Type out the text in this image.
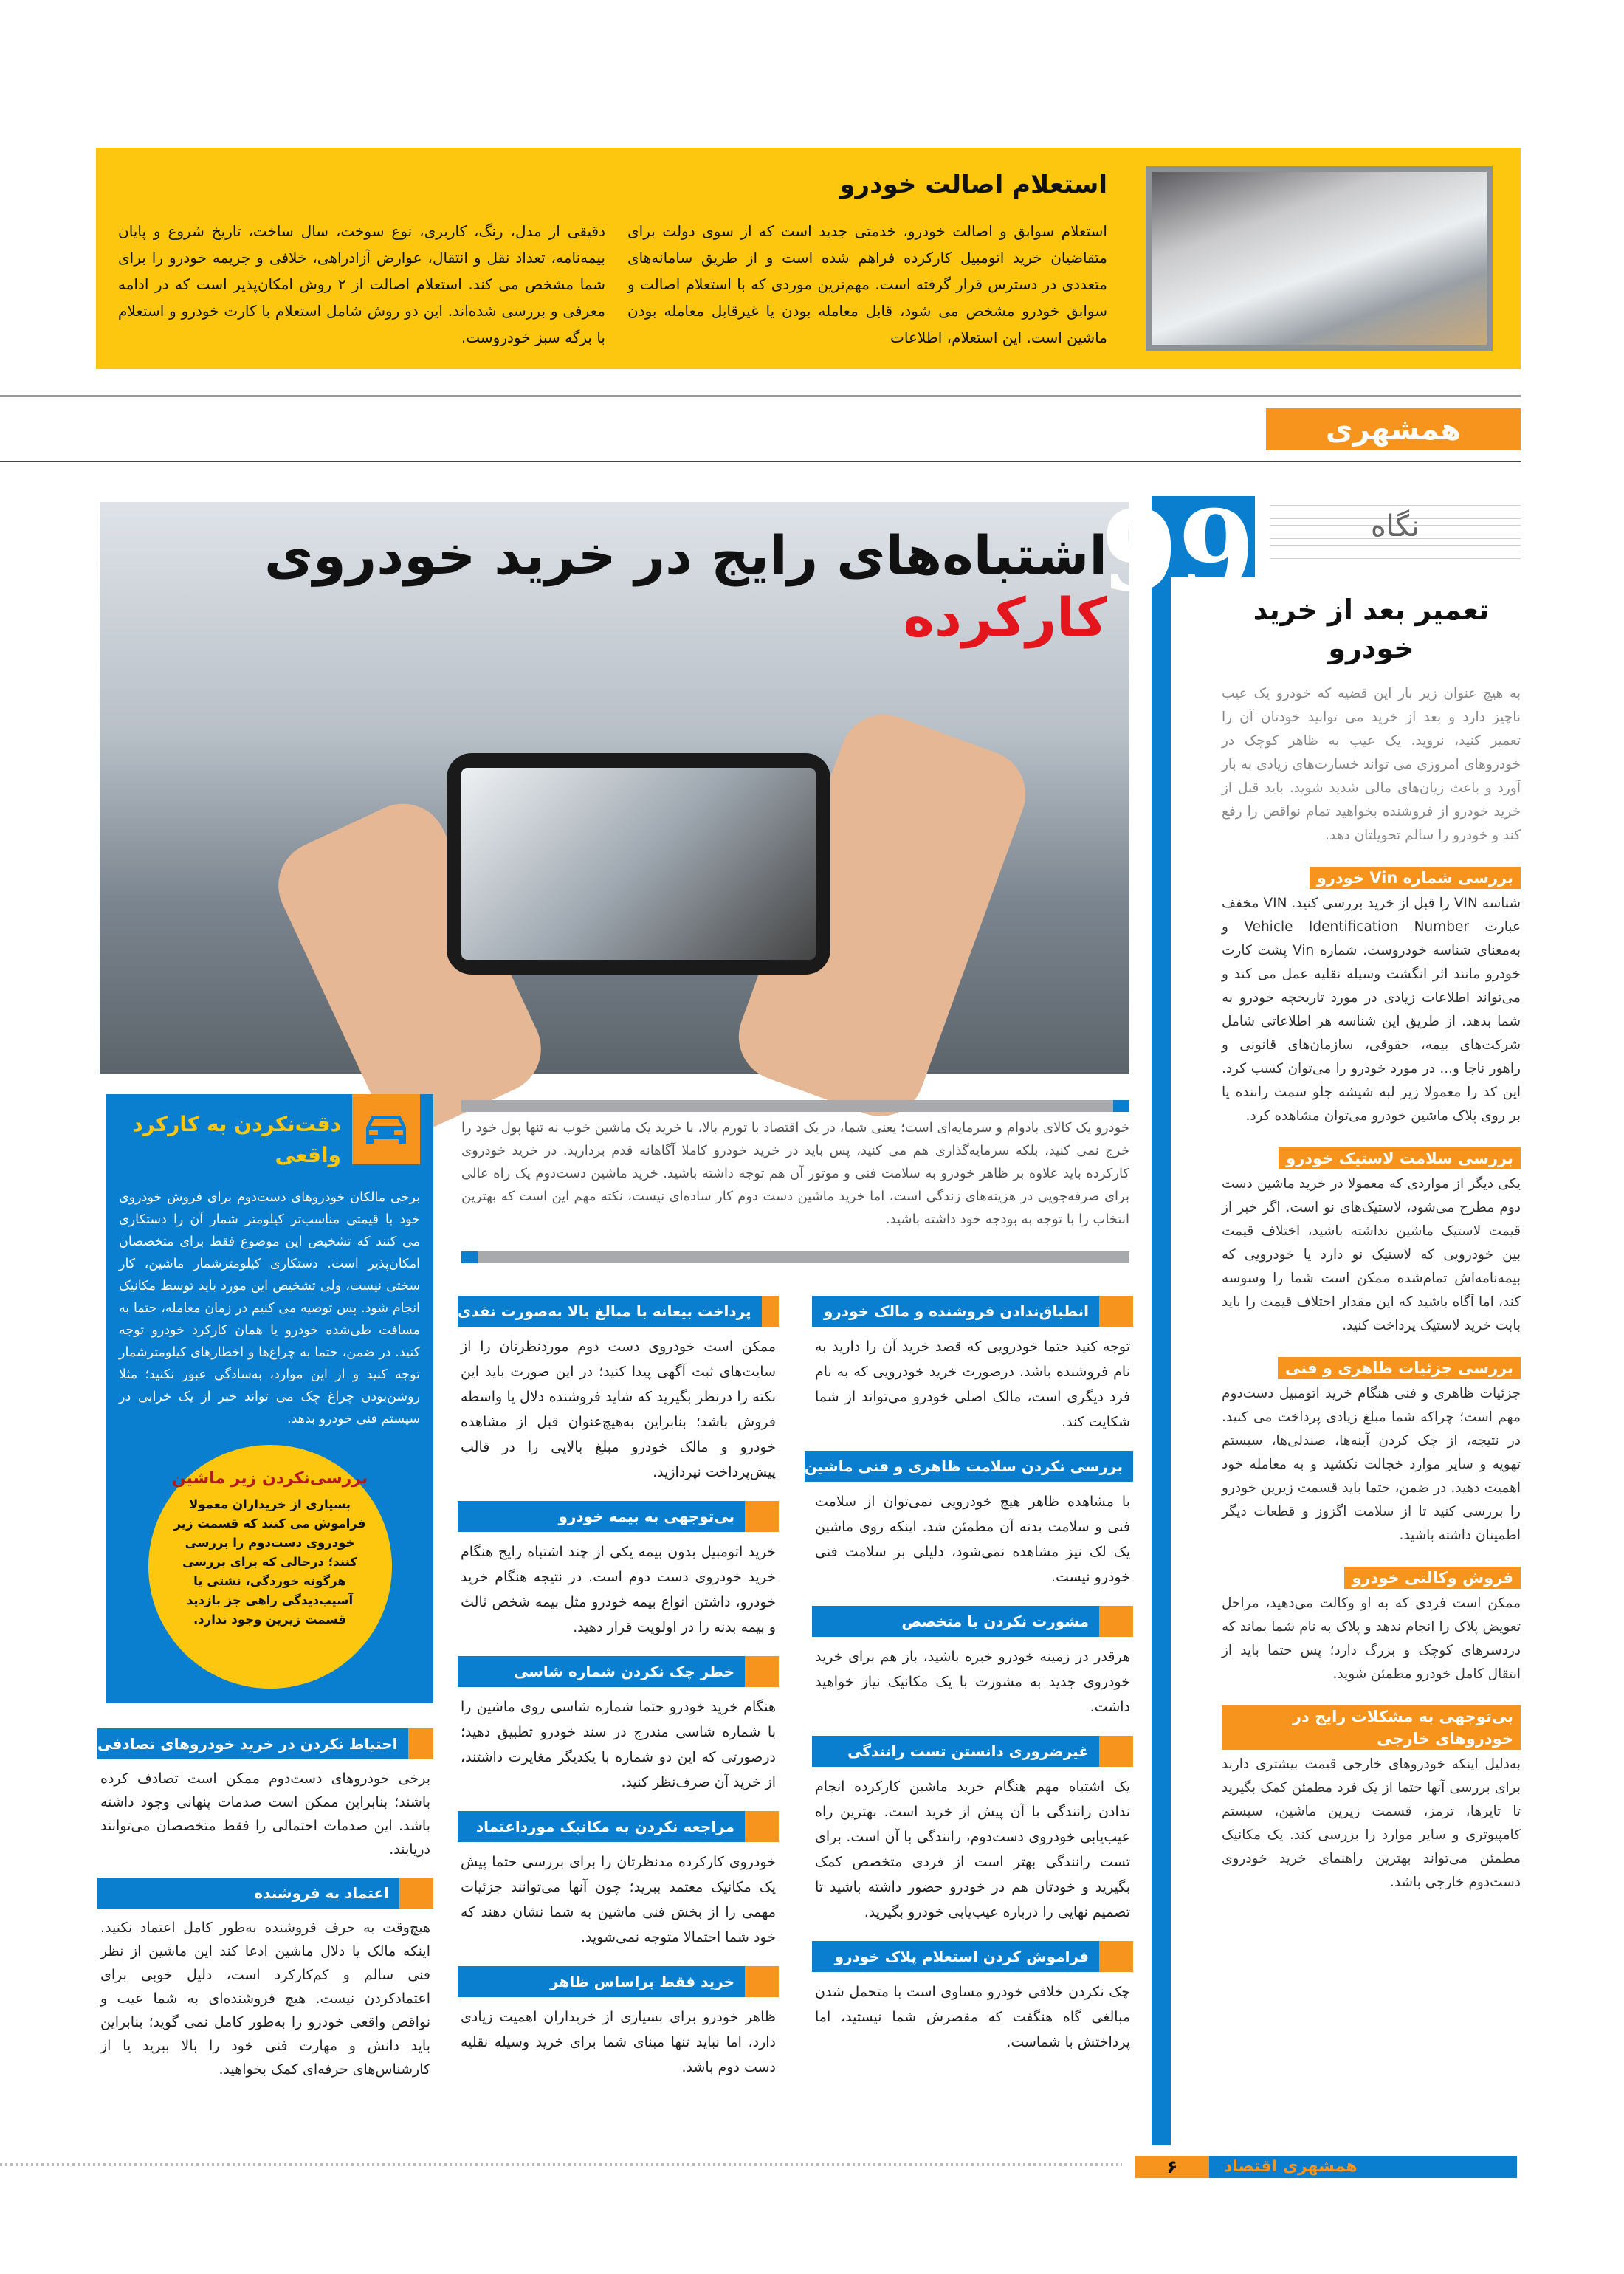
استعلام اصالت خودرو
استعلام سوابق و اصالت خودرو، خدمتی جدید است که از سوی دولت برای متقاضیان خرید اتومبیل کارکرده فراهم شده است و از طریق سامانه‌های متعددی در دسترس قرار گرفته است. مهم‌ترین موردی که با استعلام اصالت و سوابق خودرو مشخص می شود، قابل معامله بودن یا غیرقابل معامله بودن ماشین است. این استعلام، اطلاعات
دقیقی از مدل، رنگ، کاربری، نوع سوخت، سال ساخت، تاریخ شروع و پایان بیمه‌نامه، تعداد نقل و انتقال، عوارض آزادراهی، خلافی و جریمه خودرو را برای شما مشخص می کند. استعلام اصالت از ۲ روش امکان‌پذیر است که در ادامه معرفی و بررسی شده‌اند. این دو روش شامل استعلام با کارت خودرو و استعلام با برگه سبز خودروست.
همشهری
اشتباه‌های رایج در خرید خودروی کارکرده
99	نگاه
تعمیر بعد از خرید خودرو
به هیچ عنوان زیر بار این قضیه که خودرو یک عیب ناچیز دارد و بعد از خرید می توانید خودتان آن را تعمیر کنید، نروید. یک عیب به ظاهر کوچک در خودروهای امروزی می تواند خسارت‌های زیادی به بار آورد و باعث زیان‌های مالی شدید شوید. باید قبل از خرید خودرو از فروشنده بخواهید تمام نواقص را رفع کند و خودرو را سالم تحویلتان دهد.
بررسی شماره Vin خودرو
شناسه VIN را قبل از خرید بررسی کنید. VIN مخفف عبارت Vehicle Identification Number و به‌معنای شناسه خودروست. شماره Vin پشت کارت خودرو مانند اثر انگشت وسیله نقلیه عمل می کند و می‌تواند اطلاعات زیادی در مورد تاریخچه خودرو به شما بدهد. از طریق این شناسه هر اطلاعاتی شامل شرکت‌های بیمه، حقوقی، سازمان‌های قانونی و راهور ناجا و... در مورد خودرو را می‌توان کسب کرد. این کد را معمولا زیر لبه شیشه جلو سمت راننده یا بر روی پلاک ماشین خودرو می‌توان مشاهده کرد.
بررسی سلامت لاستیک خودرو
یکی دیگر از مواردی که معمولا در خرید ماشین دست دوم مطرح می‌شود، لاستیک‌های نو است. اگر خبر از قیمت لاستیک ماشین نداشته باشید، اختلاف قیمت بین خودرویی که لاستیک نو دارد یا خودرویی که بیمه‌نامه‌اش تمام‌شده ممکن است شما را وسوسه کند، اما آگاه باشید که این مقدار اختلاف قیمت را باید بابت خرید لاستیک پرداخت کنید.
بررسی جزئیات ظاهری و فنی
جزئیات ظاهری و فنی هنگام خرید اتومبیل دست‌دوم مهم است؛ چراکه شما مبلغ زیادی پرداخت می کنید. در نتیجه، از چک کردن آینه‌ها، صندلی‌ها، سیستم تهویه و سایر موارد خجالت نکشید و به معامله خود اهمیت دهید. در ضمن، حتما باید قسمت زیرین خودرو را بررسی کنید تا از سلامت اگزوز و قطعات دیگر اطمینان داشته باشید.
فروش وکالتی خودرو
ممکن است فردی که به او وکالت می‌دهید، مراحل تعویض پلاک را انجام ندهد و پلاک به نام شما بماند که دردسرهای کوچک و بزرگ دارد؛ پس حتما باید از انتقال کامل خودرو مطمئن شوید.
بی‌توجهی به مشکلات رایج در خودروهای خارجی
به‌دلیل اینکه خودروهای خارجی قیمت بیشتری دارند برای بررسی آنها حتما از یک فرد مطمئن کمک بگیرید تا تایرها، ترمز، قسمت زیرین ماشین، سیستم کامپیوتری و سایر موارد را بررسی کند. یک مکانیک مطمئن می‌تواند بهترین راهنمای خرید خودروی دست‌دوم خارجی باشد.
خودرو یک کالای بادوام و سرمایه‌ای است؛ یعنی شما، در یک اقتصاد با تورم بالا، با خرید یک ماشین خوب نه تنها پول خود را خرج نمی کنید، بلکه سرمایه‌گذاری هم می کنید، پس باید در خرید خودرو کاملا آگاهانه قدم بردارید. در خرید خودروی کارکرده باید علاوه بر ظاهر خودرو به سلامت فنی و موتور آن هم توجه داشته باشید. خرید ماشین دست‌دوم یک راه عالی برای صرفه‌جویی در هزینه‌های زندگی است، اما خرید ماشین دست دوم کار ساده‌ای نیست، نکته مهم این است که بهترین انتخاب را با توجه به بودجه خود داشته باشید.
انطباق‌ندادن فروشنده و مالک خودرو
توجه کنید حتما خودرویی که قصد خرید آن را دارید به نام فروشنده باشد. درصورت خرید خودرویی که به نام فرد دیگری است، مالک اصلی خودرو می‌تواند از شما شکایت کند.
بررسی نکردن سلامت ظاهری و فنی ماشین
با مشاهده ظاهر هیچ خودرویی نمی‌توان از سلامت فنی و سلامت بدنه آن مطمئن شد. اینکه روی ماشین یک لک نیز مشاهده نمی‌شود، دلیلی بر سلامت فنی خودرو نیست.
مشورت نکردن با متخصص
هرقدر در زمینه خودرو خبره باشید، باز هم برای خرید خودروی جدید به مشورت با یک مکانیک نیاز خواهید داشت.
غیرضروری دانستن تست رانندگی
یک اشتباه مهم هنگام خرید ماشین کارکرده انجام ندادن رانندگی با آن پیش از خرید است. بهترین راه عیب‌یابی خودروی دست‌دوم، رانندگی با آن است. برای تست رانندگی بهتر است از فردی متخصص کمک بگیرید و خودتان هم در خودرو حضور داشته باشید تا تصمیم نهایی را درباره عیب‌یابی خودرو بگیرید.
فراموش کردن استعلام پلاک خودرو
چک نکردن خلافی خودرو مساوی است با متحمل شدن مبالغی گاه هنگفت که مقصرش شما نیستید، اما پرداختش با شماست.
پرداخت بیعانه با مبالغ بالا به‌صورت نقدی
ممکن است خودروی دست دوم موردنظرتان را از سایت‌های ثبت آگهی پیدا کنید؛ در این صورت باید این نکته را درنظر بگیرید که شاید فروشنده دلال یا واسطه فروش باشد؛ بنابراین به‌هیچ‌عنوان قبل از مشاهده خودرو و مالک خودرو مبلغ بالایی را در قالب پیش‌پرداخت نپردازید.
بی‌توجهی به بیمه خودرو
خرید اتومبیل بدون بیمه یکی از چند اشتباه رایج هنگام خرید خودروی دست دوم است. در نتیجه هنگام خرید خودرو، داشتن انواع بیمه خودرو مثل بیمه شخص ثالث و بیمه بدنه را در اولویت قرار دهید.
خطر چک نکردن شماره شاسی
هنگام خرید خودرو حتما شماره شاسی روی ماشین را با شماره شاسی مندرج در سند خودرو تطبیق دهید؛ درصورتی که این دو شماره با یکدیگر مغایرت داشتند، از خرید آن صرف‌نظر کنید.
مراجعه نکردن به مکانیک مورداعتماد
خودروی کارکرده مدنظرتان را برای بررسی حتما پیش یک مکانیک معتمد ببرید؛ چون آنها می‌توانند جزئیات مهمی را از بخش فنی ماشین به شما نشان دهند که خود شما احتمالا متوجه نمی‌شوید.
خرید فقط براساس ظاهر
ظاهر خودرو برای بسیاری از خریداران اهمیت زیادی دارد، اما نباید تنها مبنای شما برای خرید وسیله نقلیه دست دوم باشد.
دقت‌نکردن به کارکرد واقعی
برخی مالکان خودروهای دست‌دوم برای فروش خودروی خود با قیمتی مناسب‌تر کیلومتر شمار آن را دستکاری می کنند که تشخیص این موضوع فقط برای متخصصان امکان‌پذیر است. دستکاری کیلومترشمار ماشین، کار سختی نیست، ولی تشخیص این مورد باید توسط مکانیک انجام شود. پس توصیه می کنیم در زمان معامله، حتما به مسافت طی‌شده خودرو یا همان کارکرد خودرو توجه کنید. در ضمن، حتما به چراغ‌ها و اخطارهای کیلومترشمار توجه کنید و از این موارد، به‌سادگی عبور نکنید؛ مثلا روشن‌بودن چراغ چک می تواند خبر از یک خرابی در سیستم فنی خودرو بدهد.
بررسی‌نکردن زیر ماشین
بسیاری از خریداران معمولا فراموش می کنند که قسمت زیر خودروی دست‌دوم را بررسی کنند؛ درحالی که برای بررسی هرگونه خوردگی، نشتی یا آسیب‌دیدگی راهی جز بازدید قسمت زیرین وجود ندارد.
احتیاط نکردن در خرید خودروهای تصادفی
برخی خودروهای دست‌دوم ممکن است تصادف کرده باشند؛ بنابراین ممکن است صدمات پنهانی وجود داشته باشد. این صدمات احتمالی را فقط متخصصان می‌توانند دریابند.
اعتماد به فروشنده
هیچ‌وقت به حرف فروشنده به‌طور کامل اعتماد نکنید. اینکه مالک یا دلال ماشین ادعا کند این ماشین از نظر فنی سالم و کم‌کارکرد است، دلیل خوبی برای اعتمادکردن نیست. هیچ فروشنده‌ای به شما عیب و نواقص واقعی خودرو را به‌طور کامل نمی گوید؛ بنابراین باید دانش و مهارت فنی خود را بالا ببرید یا از کارشناس‌های حرفه‌ای کمک بخواهید.
همشهری اقتصاد
۶
